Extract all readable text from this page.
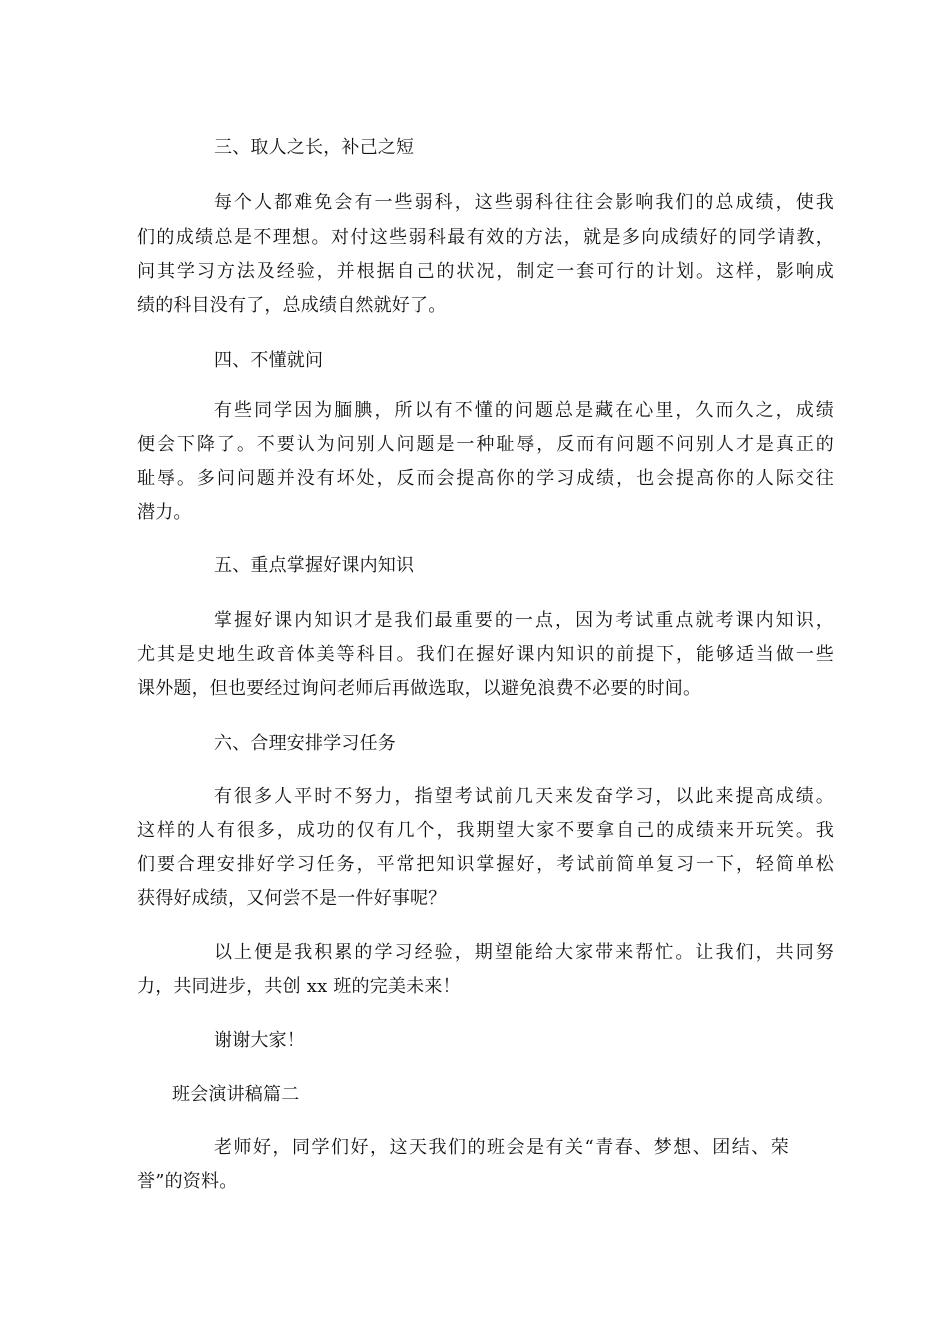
三、取人之长，补己之短
每个人都难免会有一些弱科，这些弱科往往会影响我们的总成绩，使我
们的成绩总是不理想。对付这些弱科最有效的方法，就是多向成绩好的同学请教，
问其学习方法及经验，并根据自己的状况，制定一套可行的计划。这样，影响成
绩的科目没有了，总成绩自然就好了。
四、不懂就问
有些同学因为腼腆，所以有不懂的问题总是藏在心里，久而久之，成绩
便会下降了。不要认为问别人问题是一种耻辱，反而有问题不问别人才是真正的
耻辱。多问问题并没有坏处，反而会提高你的学习成绩，也会提高你的人际交往
潜力。
五、重点掌握好课内知识
掌握好课内知识才是我们最重要的一点，因为考试重点就考课内知识，
尤其是史地生政音体美等科目。我们在握好课内知识的前提下，能够适当做一些
课外题，但也要经过询问老师后再做选取，以避免浪费不必要的时间。
六、合理安排学习任务
有很多人平时不努力，指望考试前几天来发奋学习，以此来提高成绩。
这样的人有很多，成功的仅有几个，我期望大家不要拿自己的成绩来开玩笑。我
们要合理安排好学习任务，平常把知识掌握好，考试前简单复习一下，轻简单松
获得好成绩，又何尝不是一件好事呢？
以上便是我积累的学习经验，期望能给大家带来帮忙。让我们，共同努
力，共同进步，共创 xx 班的完美未来！
谢谢大家！
班会演讲稿篇二
老师好，同学们好，这天我们的班会是有关“青春、梦想、团结、荣
誉”的资料。
